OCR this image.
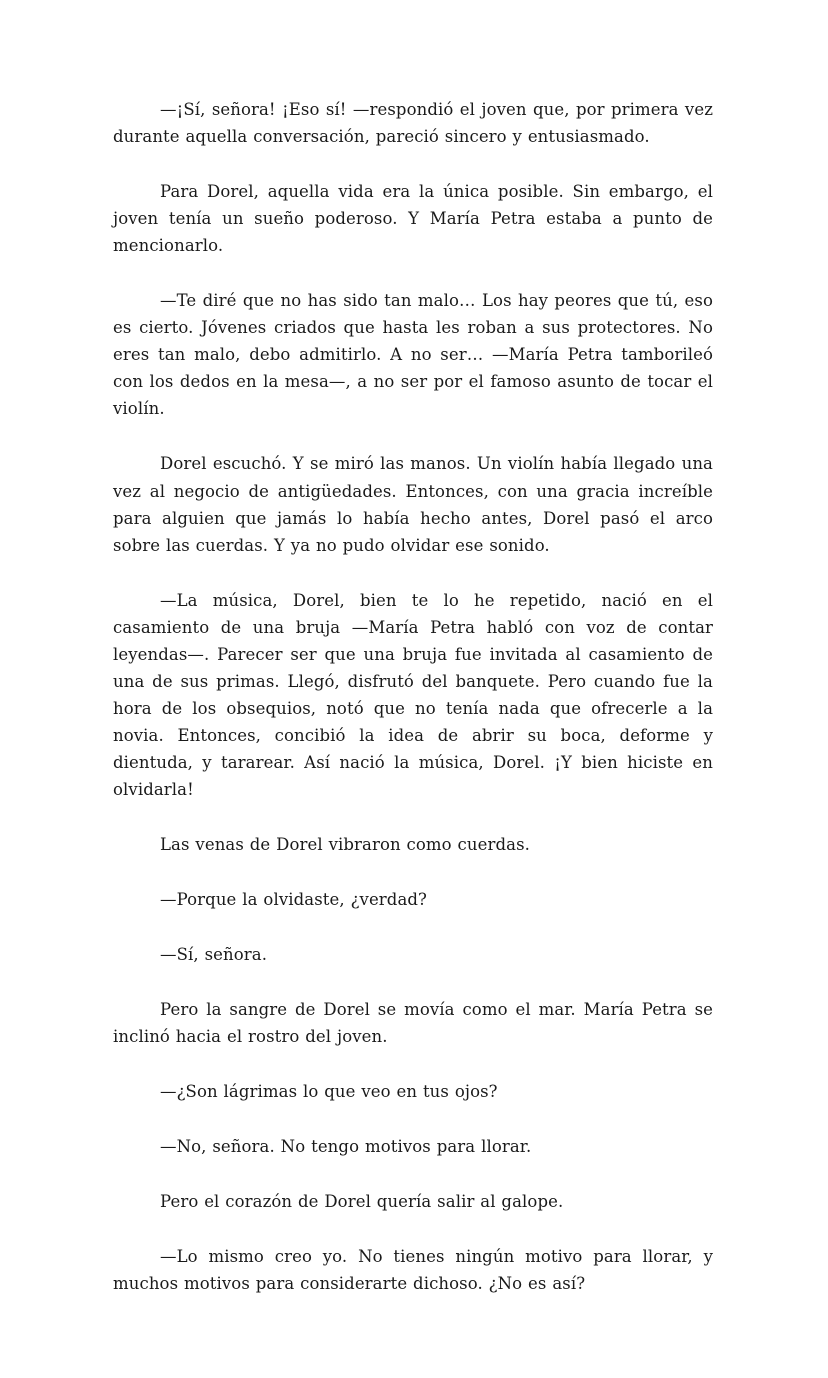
—¡Sí, señora! ¡Eso sí! —respondió el joven que, por primera vez durante aquella conversación, pareció sincero y entusiasmado.

Para Dorel, aquella vida era la única posible. Sin embargo, el joven tenía un sueño poderoso. Y María Petra estaba a punto de mencionarlo.

—Te diré que no has sido tan malo… Los hay peores que tú, eso es cierto. Jóvenes criados que hasta les roban a sus protectores. No eres tan malo, debo admitirlo. A no ser… —María Petra tamborileó con los dedos en la mesa—, a no ser por el famoso asunto de tocar el violín.

Dorel escuchó. Y se miró las manos. Un violín había llegado una vez al negocio de antigüedades. Entonces, con una gracia increíble para alguien que jamás lo había hecho antes, Dorel pasó el arco sobre las cuerdas. Y ya no pudo olvidar ese sonido.

—La música, Dorel, bien te lo he repetido, nació en el casamiento de una bruja —María Petra habló con voz de contar leyendas—. Parecer ser que una bruja fue invitada al casamiento de una de sus primas. Llegó, disfrutó del banquete. Pero cuando fue la hora de los obsequios, notó que no tenía nada que ofrecerle a la novia. Entonces, concibió la idea de abrir su boca, deforme y dientuda, y tararear. Así nació la música, Dorel. ¡Y bien hiciste en olvidarla!

Las venas de Dorel vibraron como cuerdas.

—Porque la olvidaste, ¿verdad?

—Sí, señora.

Pero la sangre de Dorel se movía como el mar. María Petra se inclinó hacia el rostro del joven.

—¿Son lágrimas lo que veo en tus ojos?

—No, señora. No tengo motivos para llorar.

Pero el corazón de Dorel quería salir al galope.

—Lo mismo creo yo. No tienes ningún motivo para llorar, y muchos motivos para considerarte dichoso. ¿No es así?
